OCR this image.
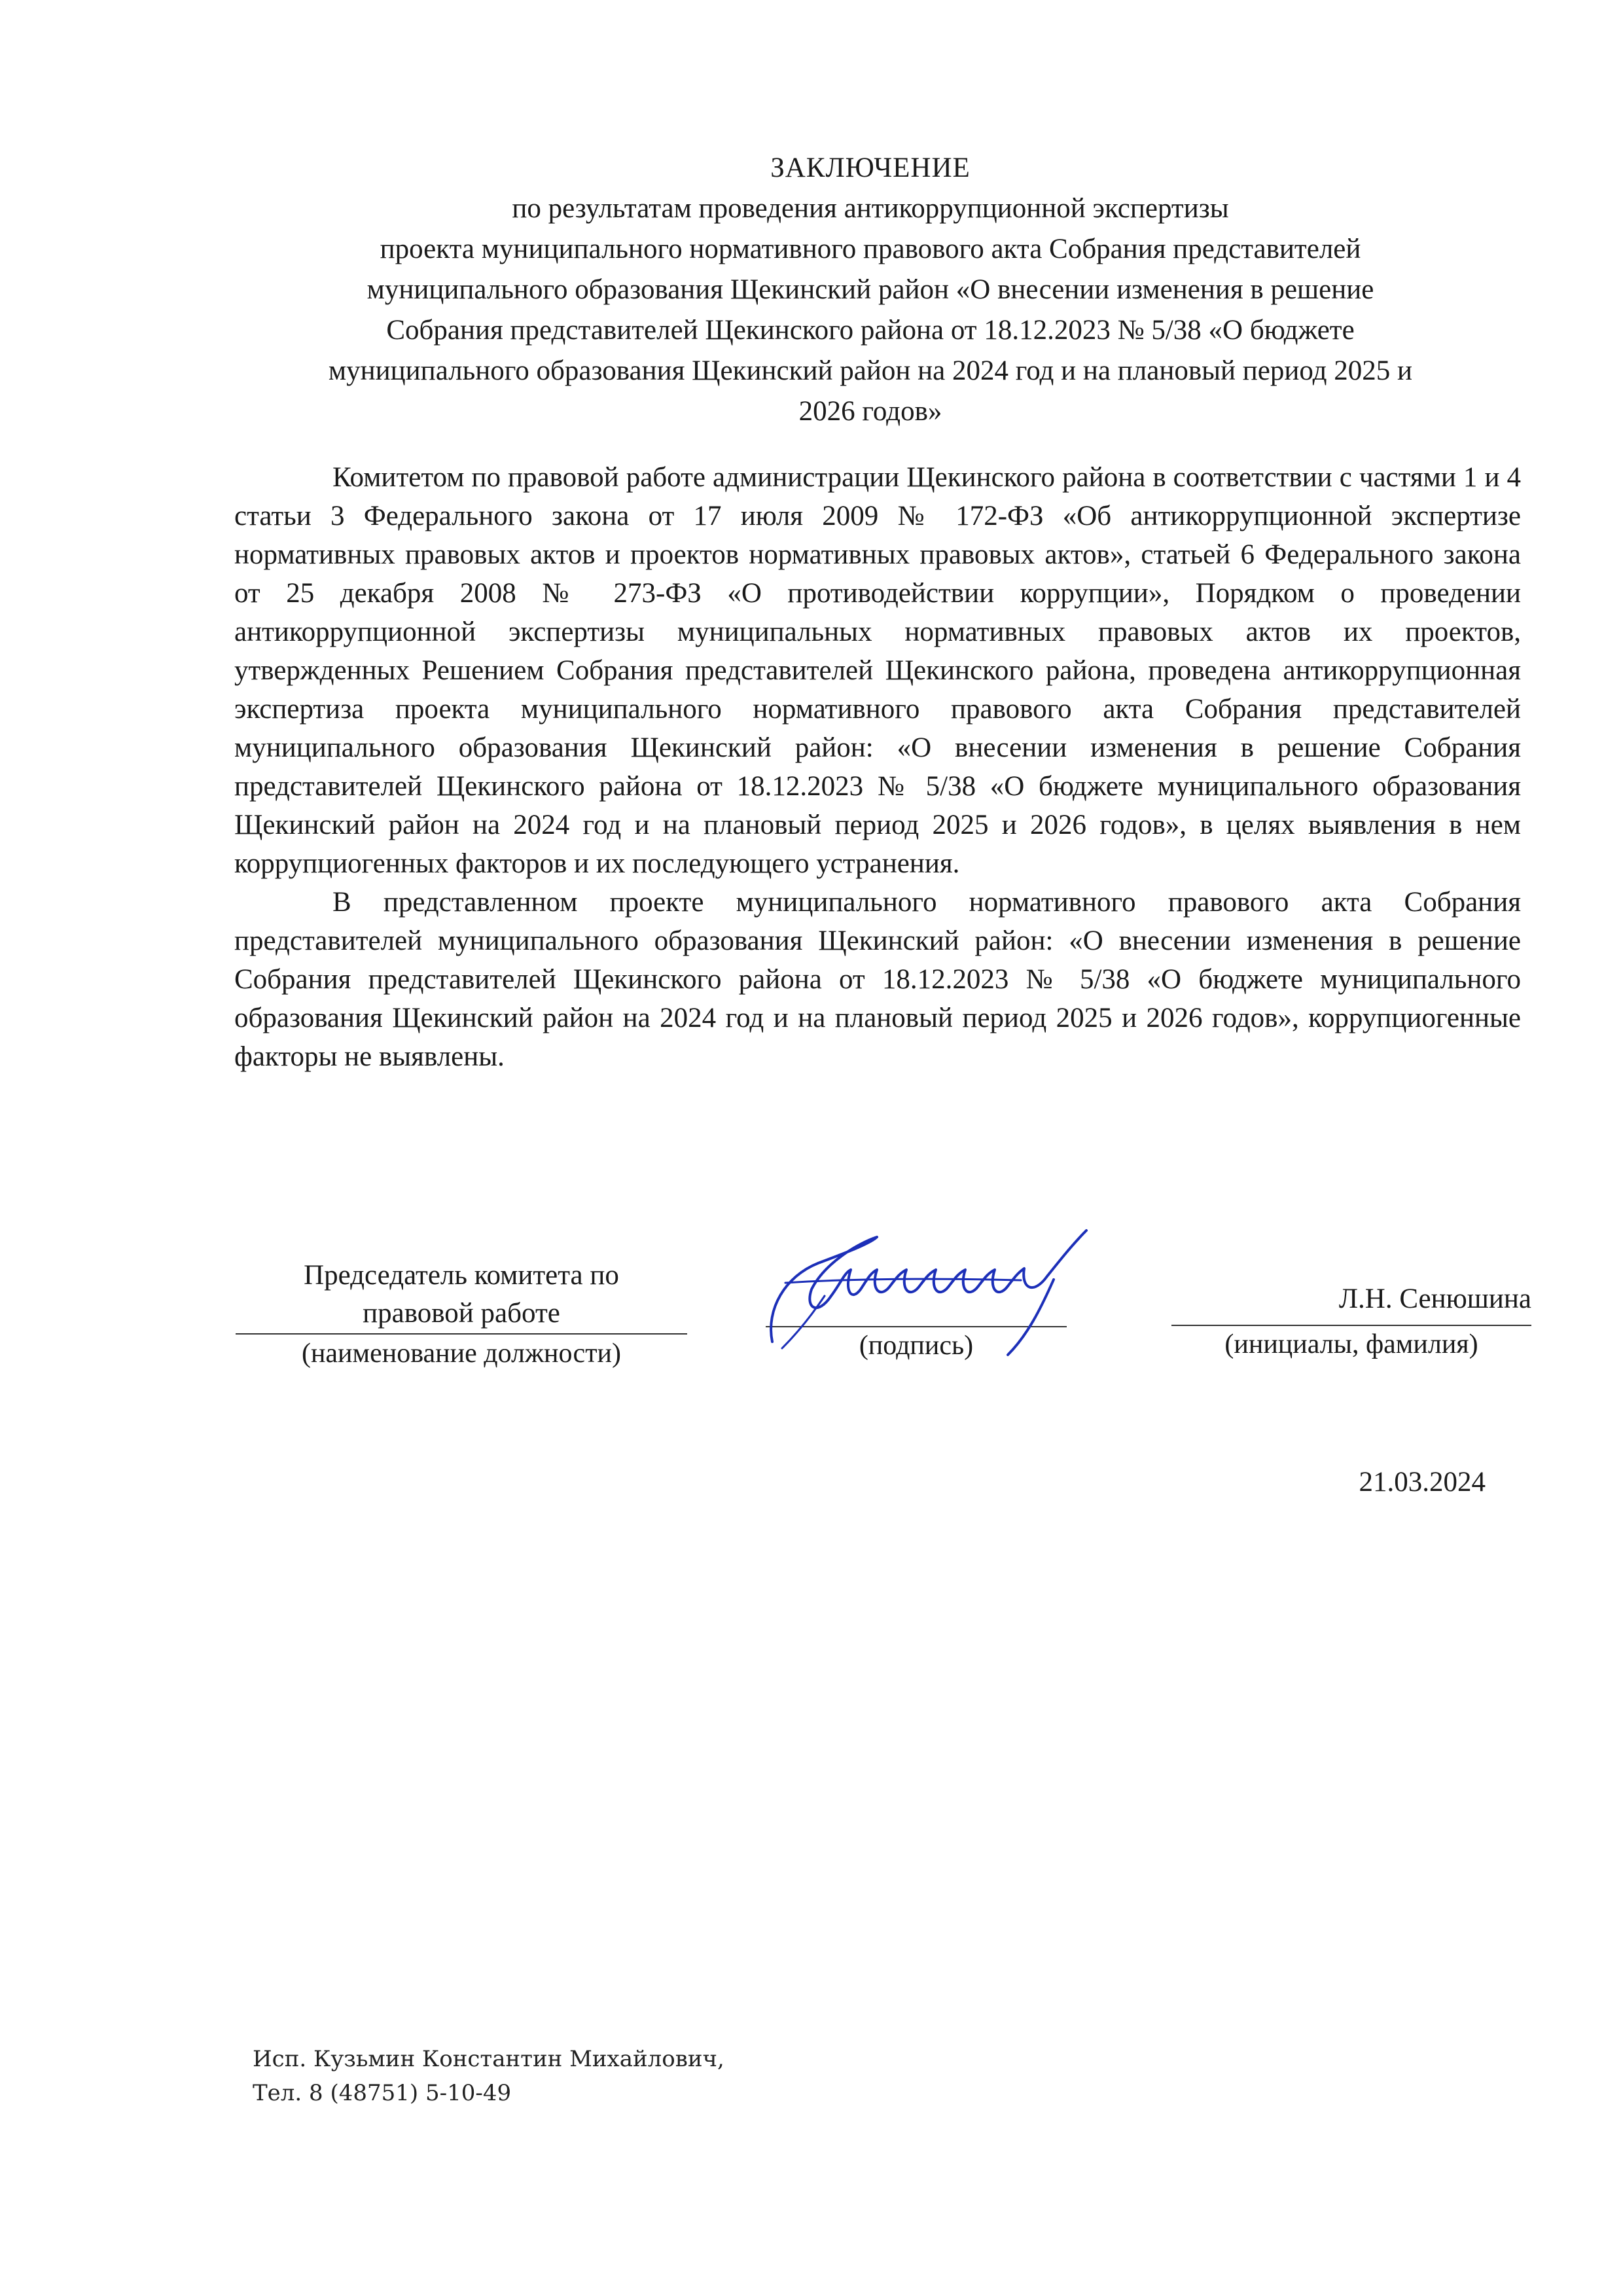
ЗАКЛЮЧЕНИЕ
по результатам проведения антикоррупционной экспертизы
проекта муниципального нормативного правового акта Собрания представителей
муниципального образования Щекинский район «О внесении изменения в решение
Собрания представителей Щекинского района от 18.12.2023 № 5/38 «О бюджете
муниципального образования Щекинский район на 2024 год и на плановый период 2025 и
2026 годов»

Комитетом по правовой работе администрации Щекинского района в соответствии с частями 1 и 4 статьи 3 Федерального закона от 17 июля 2009 № 172-ФЗ «Об антикоррупционной экспертизе нормативных правовых актов и проектов нормативных правовых актов», статьей 6 Федерального закона от 25 декабря 2008 № 273-ФЗ «О противодействии коррупции», Порядком о проведении антикоррупционной экспертизы муниципальных нормативных правовых актов их проектов, утвержденных Решением Собрания представителей Щекинского района, проведена антикоррупционная экспертиза проекта муниципального нормативного правового акта Собрания представителей муниципального образования Щекинский район: «О внесении изменения в решение Собрания представителей Щекинского района от 18.12.2023 № 5/38 «О бюджете муниципального образования Щекинский район на 2024 год и на плановый период 2025 и 2026 годов», в целях выявления в нем коррупциогенных факторов и их последующего устранения.

В представленном проекте муниципального нормативного правового акта Собрания представителей муниципального образования Щекинский район: «О внесении изменения в решение Собрания представителей Щекинского района от 18.12.2023 № 5/38 «О бюджете муниципального образования Щекинский район на 2024 год и на плановый период 2025 и 2026 годов», коррупциогенные факторы не выявлены.

Председатель комитета по
правовой работе
(наименование должности)	(подпись)
Л.Н. Сенюшина
(инициалы, фамилия)
21.03.2024
Исп. Кузьмин Константин Михайлович,
Тел. 8 (48751) 5-10-49
